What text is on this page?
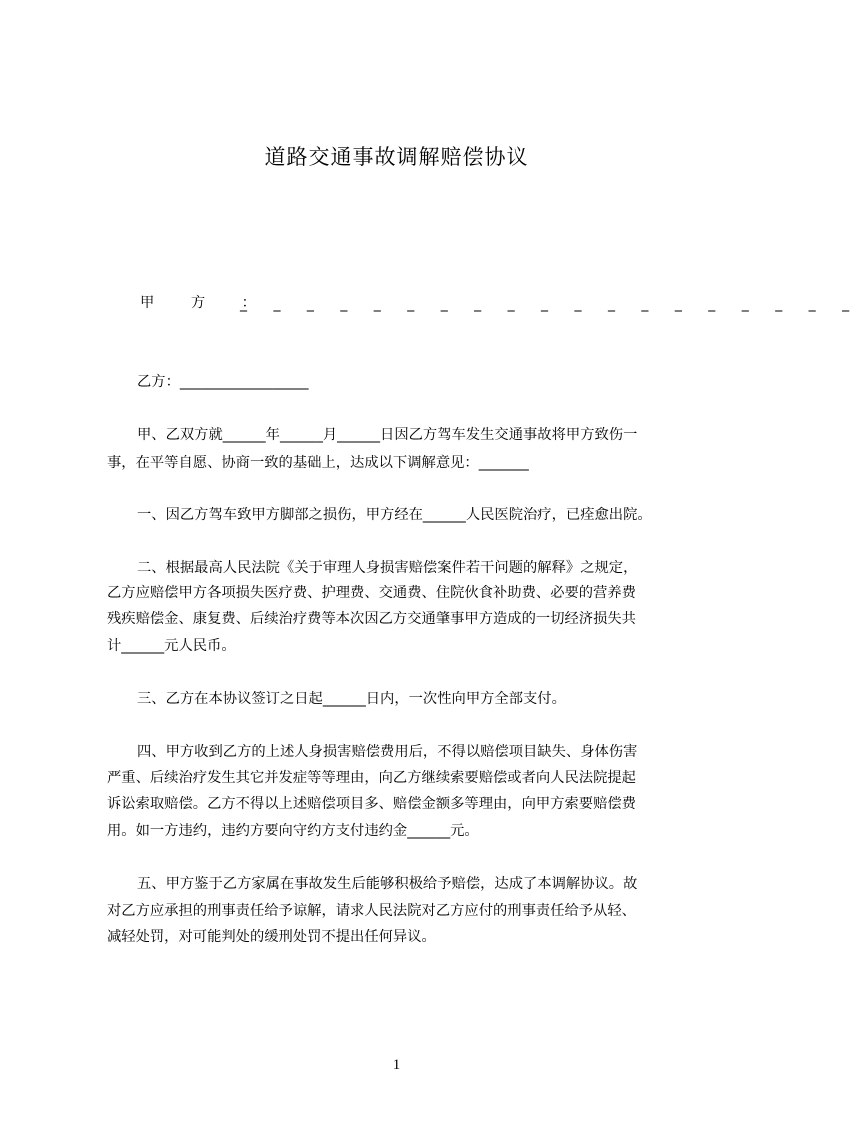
道路交通事故调解赔偿协议
甲 方 ：
_ _ _ _ _ _ _ _ _ _ _ _ _ _ _ _ _ _ _
乙方：__________________
甲、乙双方就______年______月______日因乙方驾车发生交通事故将甲方致伤一
事，在平等自愿、协商一致的基础上，达成以下调解意见：_______
一、因乙方驾车致甲方脚部之损伤，甲方经在______人民医院治疗，已痊愈出院。
二、根据最高人民法院《关于审理人身损害赔偿案件若干问题的解释》之规定，
乙方应赔偿甲方各项损失医疗费、护理费、交通费、住院伙食补助费、必要的营养费
残疾赔偿金、康复费、后续治疗费等本次因乙方交通肇事甲方造成的一切经济损失共
计______元人民币。
三、乙方在本协议签订之日起______日内，一次性向甲方全部支付。
四、甲方收到乙方的上述人身损害赔偿费用后，不得以赔偿项目缺失、身体伤害
严重、后续治疗发生其它并发症等等理由，向乙方继续索要赔偿或者向人民法院提起
诉讼索取赔偿。乙方不得以上述赔偿项目多、赔偿金额多等理由，向甲方索要赔偿费
用。如一方违约，违约方要向守约方支付违约金______元。
五、甲方鉴于乙方家属在事故发生后能够积极给予赔偿，达成了本调解协议。故
对乙方应承担的刑事责任给予谅解，请求人民法院对乙方应付的刑事责任给予从轻、
减轻处罚，对可能判处的缓刑处罚不提出任何异议。
1
